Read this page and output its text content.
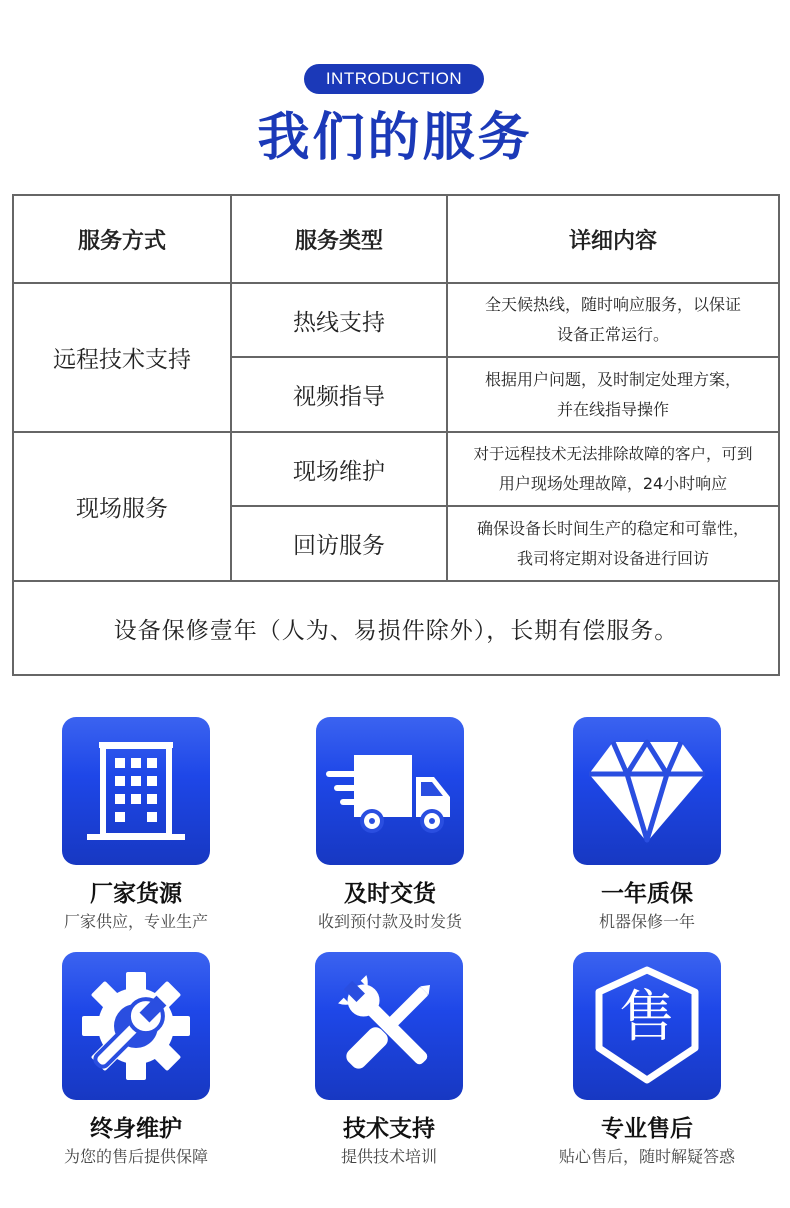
INTRODUCTION
我们的服务
服务方式	服务类型	详细内容
远程技术支持	热线支持	全天候热线，随时响应服务，以保证
设备正常运行。

	视频指导	根据用户问题，及时制定处理方案，
并在线指导操作

现场服务	现场维护	对于远程技术无法排除故障的客户，可到
用户现场处理故障，24小时响应

	回访服务	确保设备长时间生产的稳定和可靠性，
我司将定期对设备进行回访

设备保修壹年（人为、易损件除外），长期有偿服务。		
厂家货源
厂家供应，专业生产
及时交货
收到预付款及时发货
一年质保
机器保修一年
终身维护
为您的售后提供保障
技术支持
提供技术培训
售
专业售后
贴心售后，随时解疑答惑
